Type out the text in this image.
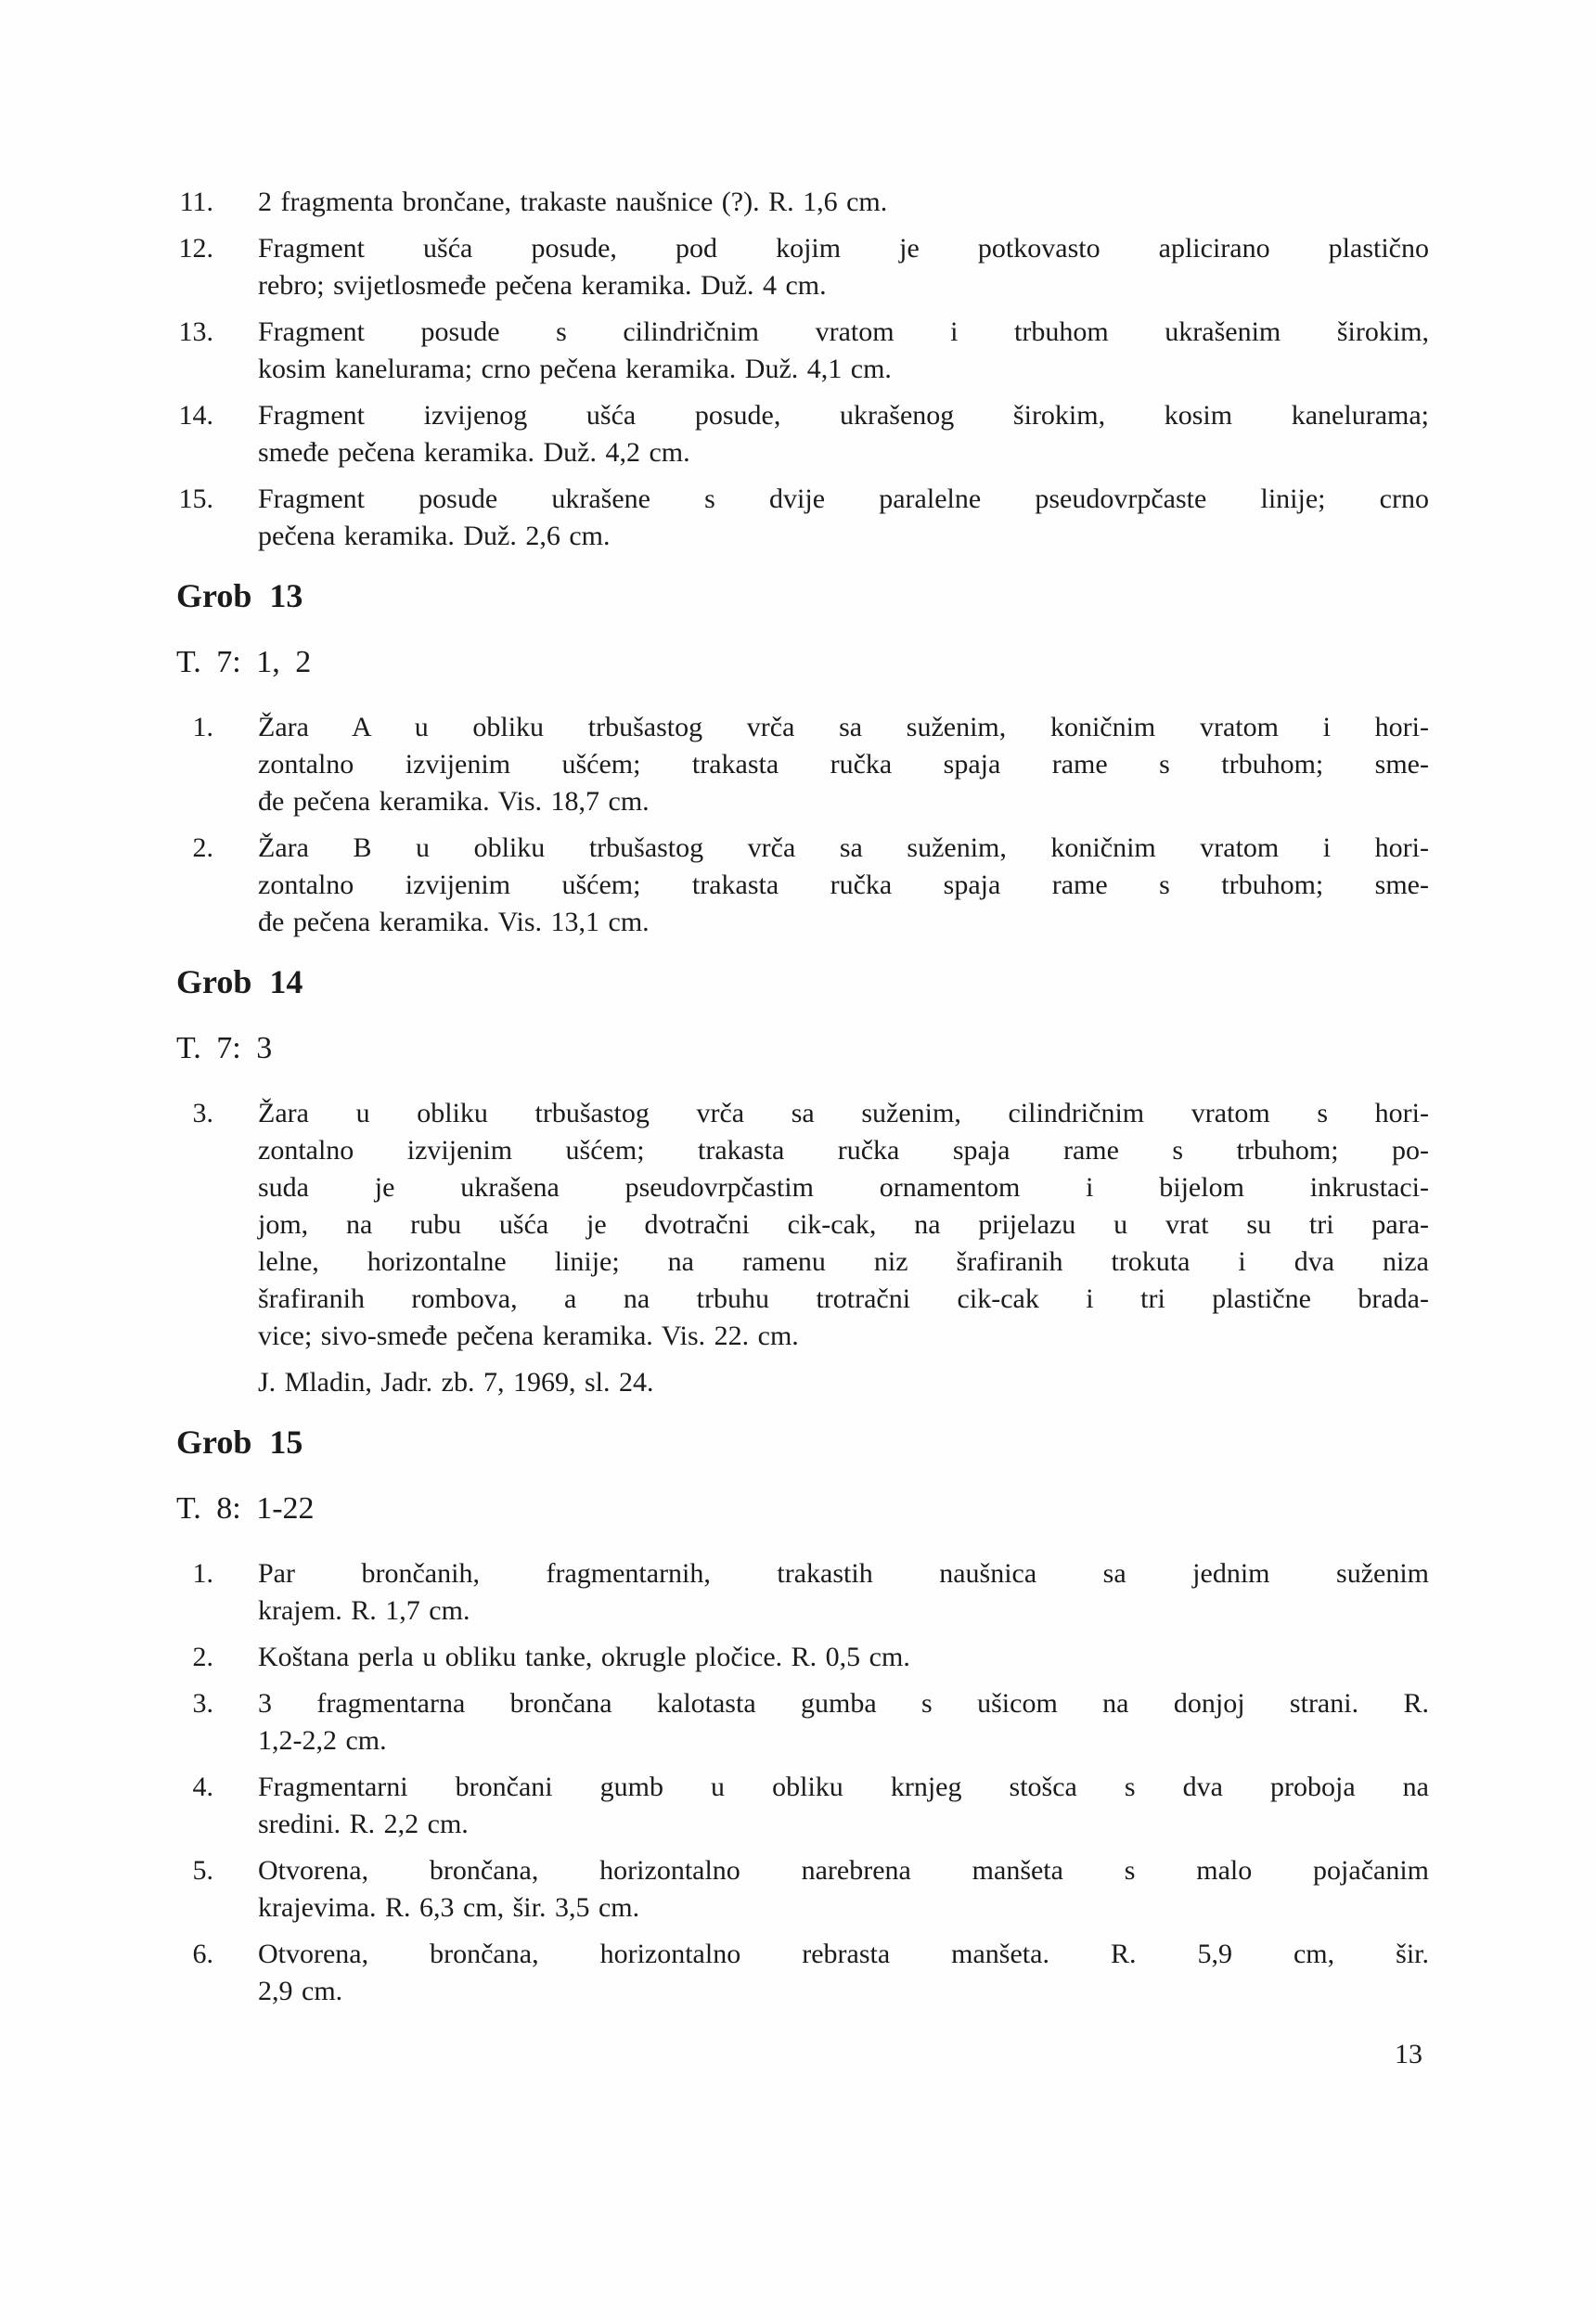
11.	2 fragmenta brončane, trakaste naušnice (?). R. 1,6 cm.
12.	Fragment ušća posude, pod kojim je potkovasto aplicirano plastično
rebro; svijetlosmeđe pečena keramika. Duž. 4 cm.
13.	Fragment posude s cilindričnim vratom i trbuhom ukrašenim širokim,
kosim kanelurama; crno pečena keramika. Duž. 4,1 cm.
14.	Fragment izvijenog ušća posude, ukrašenog širokim, kosim kanelurama;
smeđe pečena keramika. Duž. 4,2 cm.
15.	Fragment posude ukrašene s dvije paralelne pseudovrpčaste linije; crno
pečena keramika. Duž. 2,6 cm.
Grob 13
T. 7: 1, 2
1.	Žara A u obliku trbušastog vrča sa suženim, koničnim vratom i hori-
zontalno izvijenim ušćem; trakasta ručka spaja rame s trbuhom; sme-
đe pečena keramika. Vis. 18,7 cm.
2.	Žara B u obliku trbušastog vrča sa suženim, koničnim vratom i hori-
zontalno izvijenim ušćem; trakasta ručka spaja rame s trbuhom; sme-
đe pečena keramika. Vis. 13,1 cm.
Grob 14
T. 7: 3
3.	Žara u obliku trbušastog vrča sa suženim, cilindričnim vratom s hori-
zontalno izvijenim ušćem; trakasta ručka spaja rame s trbuhom; po-
suda je ukrašena pseudovrpčastim ornamentom i bijelom inkrustaci-
jom, na rubu ušća je dvotračni cik-cak, na prijelazu u vrat su tri para-
lelne, horizontalne linije; na ramenu niz šrafiranih trokuta i dva niza
šrafiranih rombova, a na trbuhu trotračni cik-cak i tri plastične brada-
vice; sivo-smeđe pečena keramika. Vis. 22. cm.
J. Mladin, Jadr. zb. 7, 1969, sl. 24.
Grob 15
T. 8: 1-22
1.	Par brončanih, fragmentarnih, trakastih naušnica sa jednim suženim
krajem. R. 1,7 cm.
2.	Koštana perla u obliku tanke, okrugle pločice. R. 0,5 cm.
3.	3 fragmentarna brončana kalotasta gumba s ušicom na donjoj strani. R.
1,2-2,2 cm.
4.	Fragmentarni brončani gumb u obliku krnjeg stošca s dva proboja na
sredini. R. 2,2 cm.
5.	Otvorena, brončana, horizontalno narebrena manšeta s malo pojačanim
krajevima. R. 6,3 cm, šir. 3,5 cm.
6.	Otvorena, brončana, horizontalno rebrasta manšeta. R. 5,9 cm, šir.
2,9 cm.
13
